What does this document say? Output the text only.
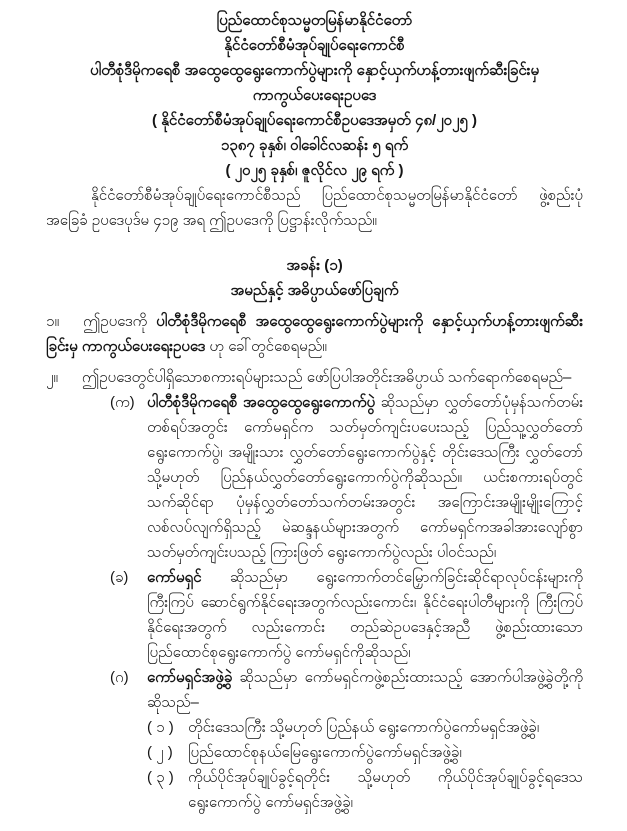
ပြည်ထောင်စုသမ္မတမြန်မာနိုင်ငံတော်
နိုင်ငံတော်စီမံအုပ်ချုပ်ရေးကောင်စီ
ပါတီစုံဒီမိုကရေစီ အထွေထွေရွေးကောက်ပွဲများကို နှောင့်ယှက်ဟန့်တားဖျက်ဆီးခြင်းမှ
ကာကွယ်ပေးရေးဥပဒေ
( နိုင်ငံတော်စီမံအုပ်ချုပ်ရေးကောင်စီဥပဒေအမှတ် ၄၈/၂၀၂၅ )
၁၃၈၇ ခုနှစ်၊ ဝါခေါင်လဆန်း ၅ ရက်
( ၂၀၂၅ ခုနှစ်၊ ဇူလိုင်လ ၂၉ ရက် )

နိုင်ငံတော်စီမံအုပ်ချုပ်ရေးကောင်စီသည် ပြည်ထောင်စုသမ္မတမြန်မာနိုင်ငံတော် ဖွဲ့စည်းပုံအခြေခံ ဥပဒေပုဒ်မ ၄၁၉ အရ ဤဥပဒေကို ပြဋ္ဌာန်းလိုက်သည်။

အခန်း (၁)
အမည်နှင့် အဓိပ္ပာယ်ဖော်ပြချက်
၁။ ဤဥပဒေကို ပါတီစုံဒီမိုကရေစီ အထွေထွေရွေးကောက်ပွဲများကို နှောင့်ယှက်ဟန့်တားဖျက်ဆီးခြင်းမှ ကာကွယ်ပေးရေးဥပဒေ ဟု ခေါ်တွင်စေရမည်။
၂။ ဤဥပဒေတွင်ပါရှိသောစကားရပ်များသည် ဖော်ပြပါအတိုင်းအဓိပ္ပာယ် သက်ရောက်စေရမည်–
(က) ပါတီစုံဒီမိုကရေစီ အထွေထွေရွေးကောက်ပွဲ ဆိုသည်မှာ လွှတ်တော်ပုံမှန်သက်တမ်း တစ်ရပ်အတွင်း ကော်မရှင်က သတ်မှတ်ကျင်းပပေးသည့် ပြည်သူ့လွှတ်တော် ရွေးကောက်ပွဲ၊ အမျိုးသား လွှတ်တော်ရွေးကောက်ပွဲနှင့် တိုင်းဒေသကြီး လွှတ်တော် သို့မဟုတ် ပြည်နယ်လွှတ်တော်ရွေးကောက်ပွဲကိုဆိုသည်။ ယင်းစကားရပ်တွင် သက်ဆိုင်ရာ ပုံမှန်လွှတ်တော်သက်တမ်းအတွင်း အကြောင်းအမျိုးမျိုးကြောင့် လစ်လပ်လျက်ရှိသည့် မဲဆန္ဒနယ်များအတွက် ကော်မရှင်ကအခါအားလျော်စွာ သတ်မှတ်ကျင်းပသည့် ကြားဖြတ် ရွေးကောက်ပွဲလည်း ပါဝင်သည်၊
(ခ) ကော်မရှင် ဆိုသည်မှာ ရွေးကောက်တင်မြှောက်ခြင်းဆိုင်ရာလုပ်ငန်းများကို ကြီးကြပ် ဆောင်ရွက်နိုင်ရေးအတွက်လည်းကောင်း၊ နိုင်ငံရေးပါတီများကို ကြီးကြပ်နိုင်ရေးအတွက် လည်းကောင်း တည်ဆဲဥပဒေနှင့်အညီ ဖွဲ့စည်းထားသော ပြည်ထောင်စုရွေးကောက်ပွဲ ကော်မရှင်ကိုဆိုသည်၊
(ဂ) ကော်မရှင်အဖွဲ့ခွဲ ဆိုသည်မှာ ကော်မရှင်ကဖွဲ့စည်းထားသည့် အောက်ပါအဖွဲ့ခွဲတို့ကို ဆိုသည်–
( ၁ ) တိုင်းဒေသကြီး သို့မဟုတ် ပြည်နယ် ရွေးကောက်ပွဲကော်မရှင်အဖွဲ့ခွဲ၊
( ၂ ) ပြည်ထောင်စုနယ်မြေရွေးကောက်ပွဲကော်မရှင်အဖွဲ့ခွဲ၊
( ၃ ) ကိုယ်ပိုင်အုပ်ချုပ်ခွင့်ရတိုင်း သို့မဟုတ် ကိုယ်ပိုင်အုပ်ချုပ်ခွင့်ရဒေသ ရွေးကောက်ပွဲ ကော်မရှင်အဖွဲ့ခွဲ၊
